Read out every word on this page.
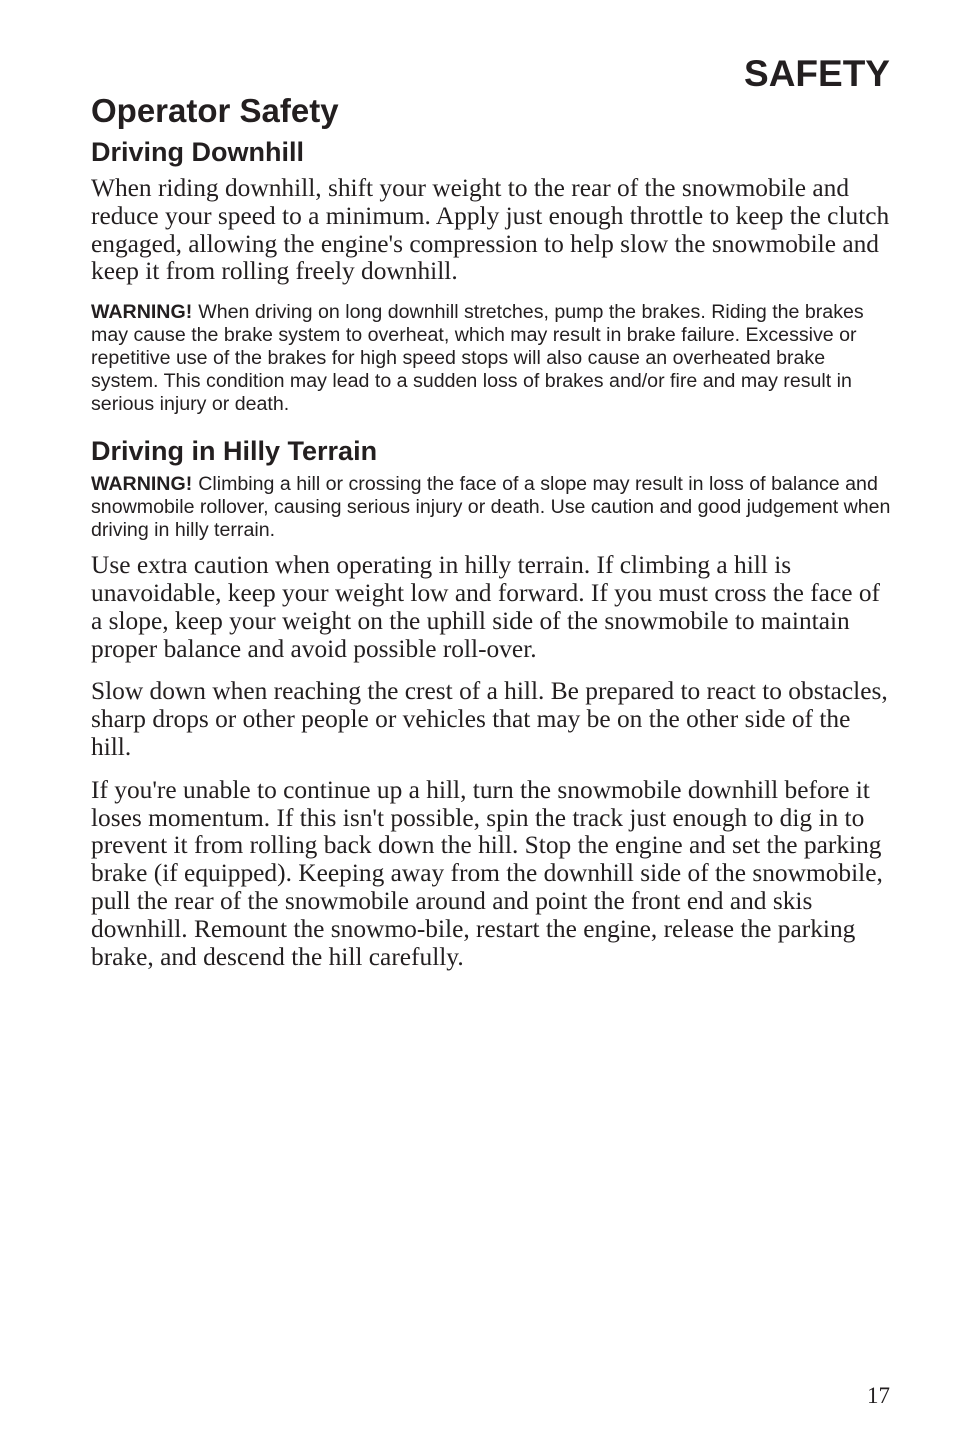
SAFETY
Operator Safety
Driving Downhill

When riding downhill, shift your weight to the rear of the snowmobile and reduce your speed to a minimum. Apply just enough throttle to keep the clutch engaged, allowing the engine's compression to help slow the snowmobile and keep it from rolling freely downhill.

WARNING! When driving on long downhill stretches, pump the brakes. Riding the brakes may cause the brake system to overheat, which may result in brake failure. Excessive or repetitive use of the brakes for high speed stops will also cause an overheated brake system. This condition may lead to a sudden loss of brakes and/or fire and may result in serious injury or death.

Driving in Hilly Terrain

WARNING! Climbing a hill or crossing the face of a slope may result in loss of balance and snowmobile rollover, causing serious injury or death. Use caution and good judgement when driving in hilly terrain.

Use extra caution when operating in hilly terrain. If climbing a hill is unavoidable, keep your weight low and forward. If you must cross the face of a slope, keep your weight on the uphill side of the snowmobile to maintain proper balance and avoid possible roll-over.

Slow down when reaching the crest of a hill. Be prepared to react to obstacles, sharp drops or other people or vehicles that may be on the other side of the hill.

If you're unable to continue up a hill, turn the snowmobile downhill before it loses momentum. If this isn't possible, spin the track just enough to dig in to prevent it from rolling back down the hill. Stop the engine and set the parking brake (if equipped). Keeping away from the downhill side of the snowmobile, pull the rear of the snowmobile around and point the front end and skis downhill. Remount the snowmo-bile, restart the engine, release the parking brake, and descend the hill carefully.

17
